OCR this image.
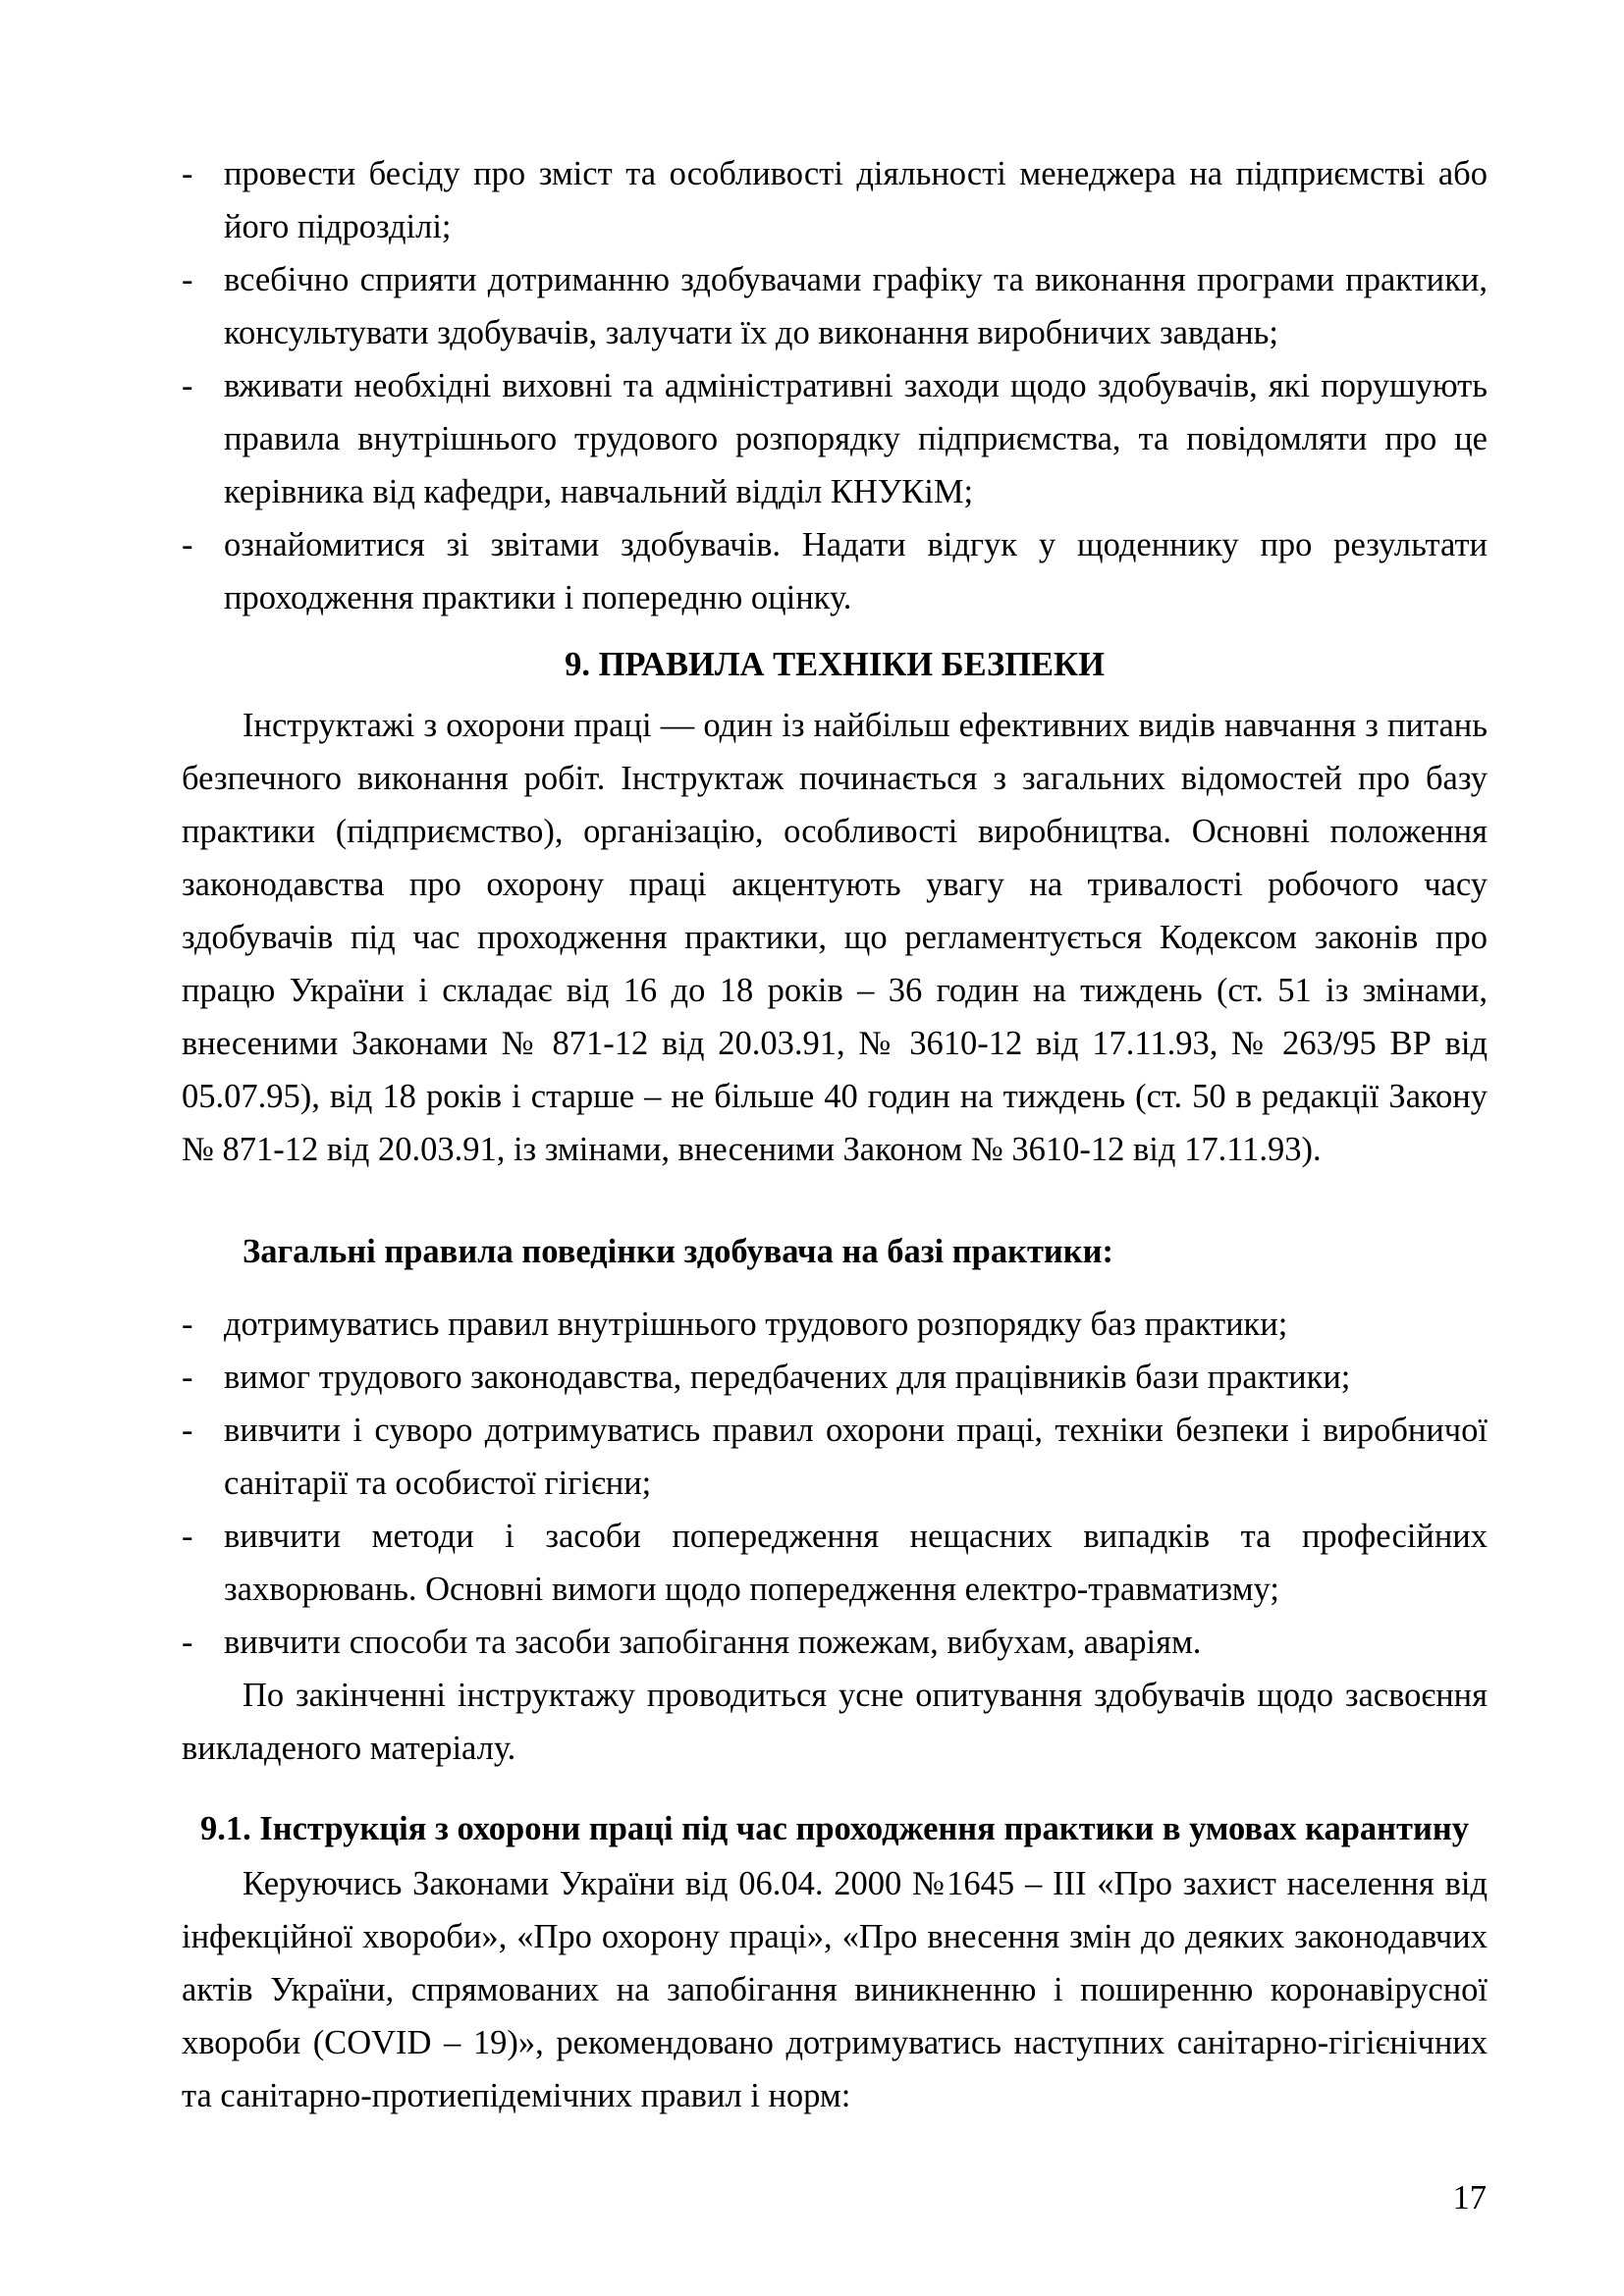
- провести бесіду про зміст та особливості діяльності менеджера на підприємстві або його підрозділі;
- всебічно сприяти дотриманню здобувачами графіку та виконання програми практики, консультувати здобувачів, залучати їх до виконання виробничих завдань;
- вживати необхідні виховні та адміністративні заходи щодо здобувачів, які порушують правила внутрішнього трудового розпорядку підприємства, та повідомляти про це керівника від кафедри, навчальний відділ КНУКіМ;
- ознайомитися зі звітами здобувачів. Надати відгук у щоденнику про результати проходження практики і попередню оцінку.
9. ПРАВИЛА ТЕХНІКИ БЕЗПЕКИ

Інструктажі з охорони праці — один із найбільш ефективних видів навчання з питань безпечного виконання робіт. Інструктаж починається з загальних відомостей про базу практики (підприємство), організацію, особливості виробництва. Основні положення законодавства про охорону праці акцентують увагу на тривалості робочого часу здобувачів під час проходження практики, що регламентується Кодексом законів про працю України і складає від 16 до 18 років – 36 годин на тиждень (ст. 51 із змінами, внесеними Законами № 871-12 від 20.03.91, № 3610-12 від 17.11.93, № 263/95 ВР від 05.07.95), від 18 років і старше – не більше 40 годин на тиждень (ст. 50 в редакції Закону № 871-12 від 20.03.91, із змінами, внесеними Законом № 3610-12 від 17.11.93).

Загальні правила поведінки здобувача на базі практики:
- дотримуватись правил внутрішнього трудового розпорядку баз практики;
- вимог трудового законодавства, передбачених для працівників бази практики;
- вивчити і суворо дотримуватись правил охорони праці, техніки безпеки і виробничої санітарії та особистої гігієни;
- вивчити методи і засоби попередження нещасних випадків та професійних захворювань. Основні вимоги щодо попередження електро-травматизму;
- вивчити способи та засоби запобігання пожежам, вибухам, аваріям.

По закінченні інструктажу проводиться усне опитування здобувачів щодо засвоєння викладеного матеріалу.

9.1. Інструкція з охорони праці під час проходження практики в умовах карантину

Керуючись Законами України від 06.04. 2000 №1645 – ІІІ «Про захист населення від інфекційної хвороби», «Про охорону праці», «Про внесення змін до деяких законодавчих актів України, спрямованих на запобігання виникненню і поширенню коронавірусної хвороби (COVID – 19)», рекомендовано дотримуватись наступних санітарно-гігієнічних та санітарно-протиепідемічних правил і норм:

17
